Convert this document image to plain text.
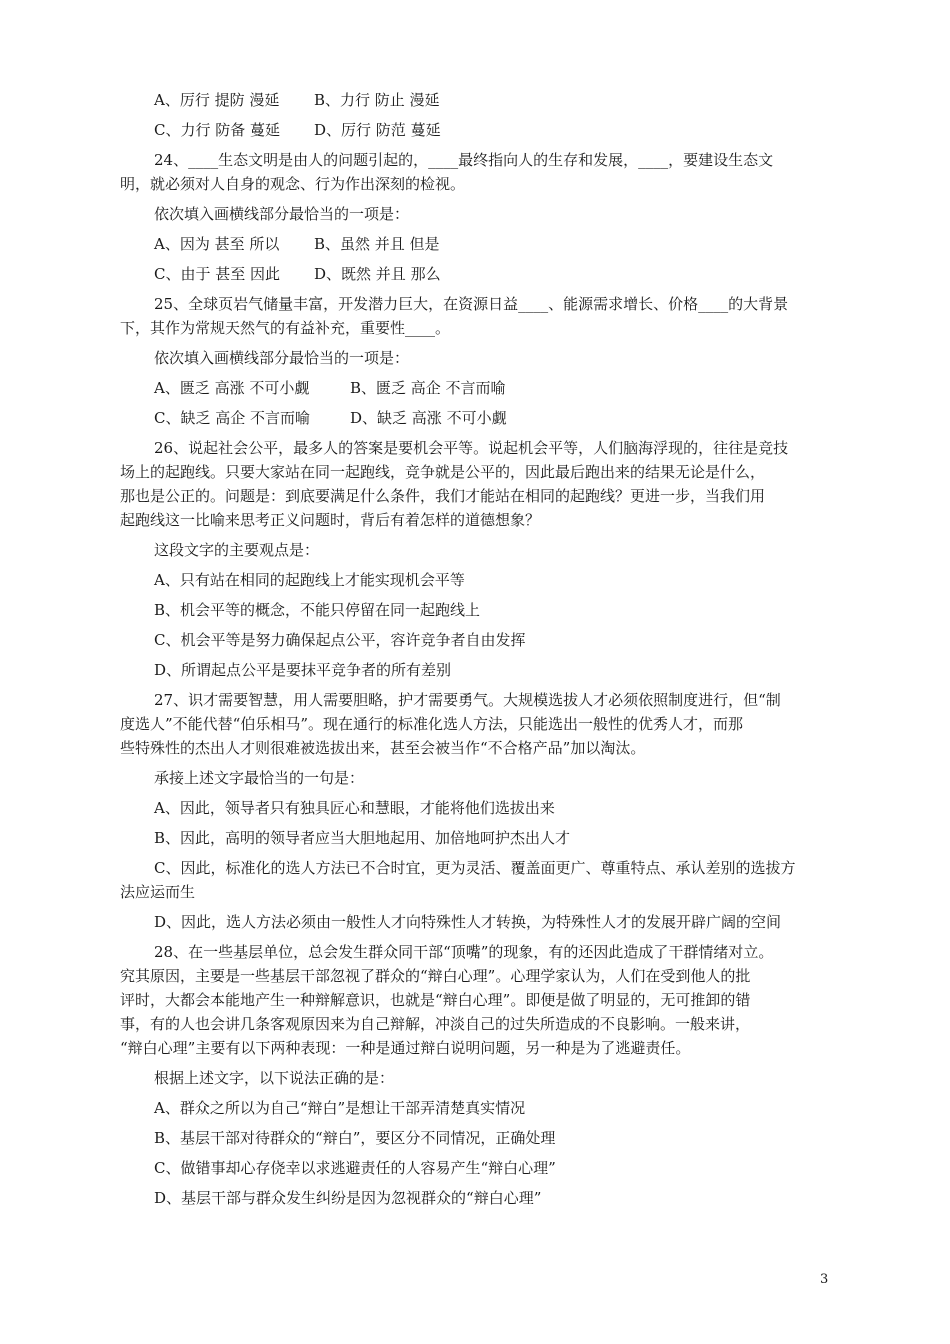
A、厉行 提防 漫延	B、力行 防止 漫延
C、力行 防备 蔓延	D、厉行 防范 蔓延

24、____生态文明是由人的问题引起的，____最终指向人的生存和发展，____，要建设生态文

明，就必须对人自身的观念、行为作出深刻的检视。

依次填入画横线部分最恰当的一项是：

A、因为 甚至 所以	B、虽然 并且 但是
C、由于 甚至 因此	D、既然 并且 那么

25、全球页岩气储量丰富，开发潜力巨大，在资源日益____、能源需求增长、价格____的大背景

下，其作为常规天然气的有益补充，重要性____。

依次填入画横线部分最恰当的一项是：

A、匮乏 高涨 不可小觑	B、匮乏 高企 不言而喻
C、缺乏 高企 不言而喻	D、缺乏 高涨 不可小觑

26、说起社会公平，最多人的答案是要机会平等。说起机会平等，人们脑海浮现的，往往是竞技

场上的起跑线。只要大家站在同一起跑线，竞争就是公平的，因此最后跑出来的结果无论是什么，

那也是公正的。问题是：到底要满足什么条件，我们才能站在相同的起跑线？更进一步，当我们用

起跑线这一比喻来思考正义问题时，背后有着怎样的道德想象？

这段文字的主要观点是：

A、只有站在相同的起跑线上才能实现机会平等

B、机会平等的概念，不能只停留在同一起跑线上

C、机会平等是努力确保起点公平，容许竞争者自由发挥

D、所谓起点公平是要抹平竞争者的所有差别

27、识才需要智慧，用人需要胆略，护才需要勇气。大规模选拔人才必须依照制度进行，但“制

度选人”不能代替“伯乐相马”。现在通行的标准化选人方法，只能选出一般性的优秀人才，而那

些特殊性的杰出人才则很难被选拔出来，甚至会被当作“不合格产品”加以淘汰。

承接上述文字最恰当的一句是：

A、因此，领导者只有独具匠心和慧眼，才能将他们选拔出来

B、因此，高明的领导者应当大胆地起用、加倍地呵护杰出人才

C、因此，标准化的选人方法已不合时宜，更为灵活、覆盖面更广、尊重特点、承认差别的选拔方

法应运而生

D、因此，选人方法必须由一般性人才向特殊性人才转换，为特殊性人才的发展开辟广阔的空间

28、在一些基层单位，总会发生群众同干部“顶嘴”的现象，有的还因此造成了干群情绪对立。

究其原因，主要是一些基层干部忽视了群众的“辩白心理”。心理学家认为，人们在受到他人的批

评时，大都会本能地产生一种辩解意识，也就是“辩白心理”。即便是做了明显的，无可推卸的错

事，有的人也会讲几条客观原因来为自己辩解，冲淡自己的过失所造成的不良影响。一般来讲，

“辩白心理”主要有以下两种表现：一种是通过辩白说明问题，另一种是为了逃避责任。

根据上述文字，以下说法正确的是：

A、群众之所以为自己“辩白”是想让干部弄清楚真实情况

B、基层干部对待群众的“辩白”，要区分不同情况，正确处理

C、做错事却心存侥幸以求逃避责任的人容易产生“辩白心理”

D、基层干部与群众发生纠纷是因为忽视群众的“辩白心理”

3
